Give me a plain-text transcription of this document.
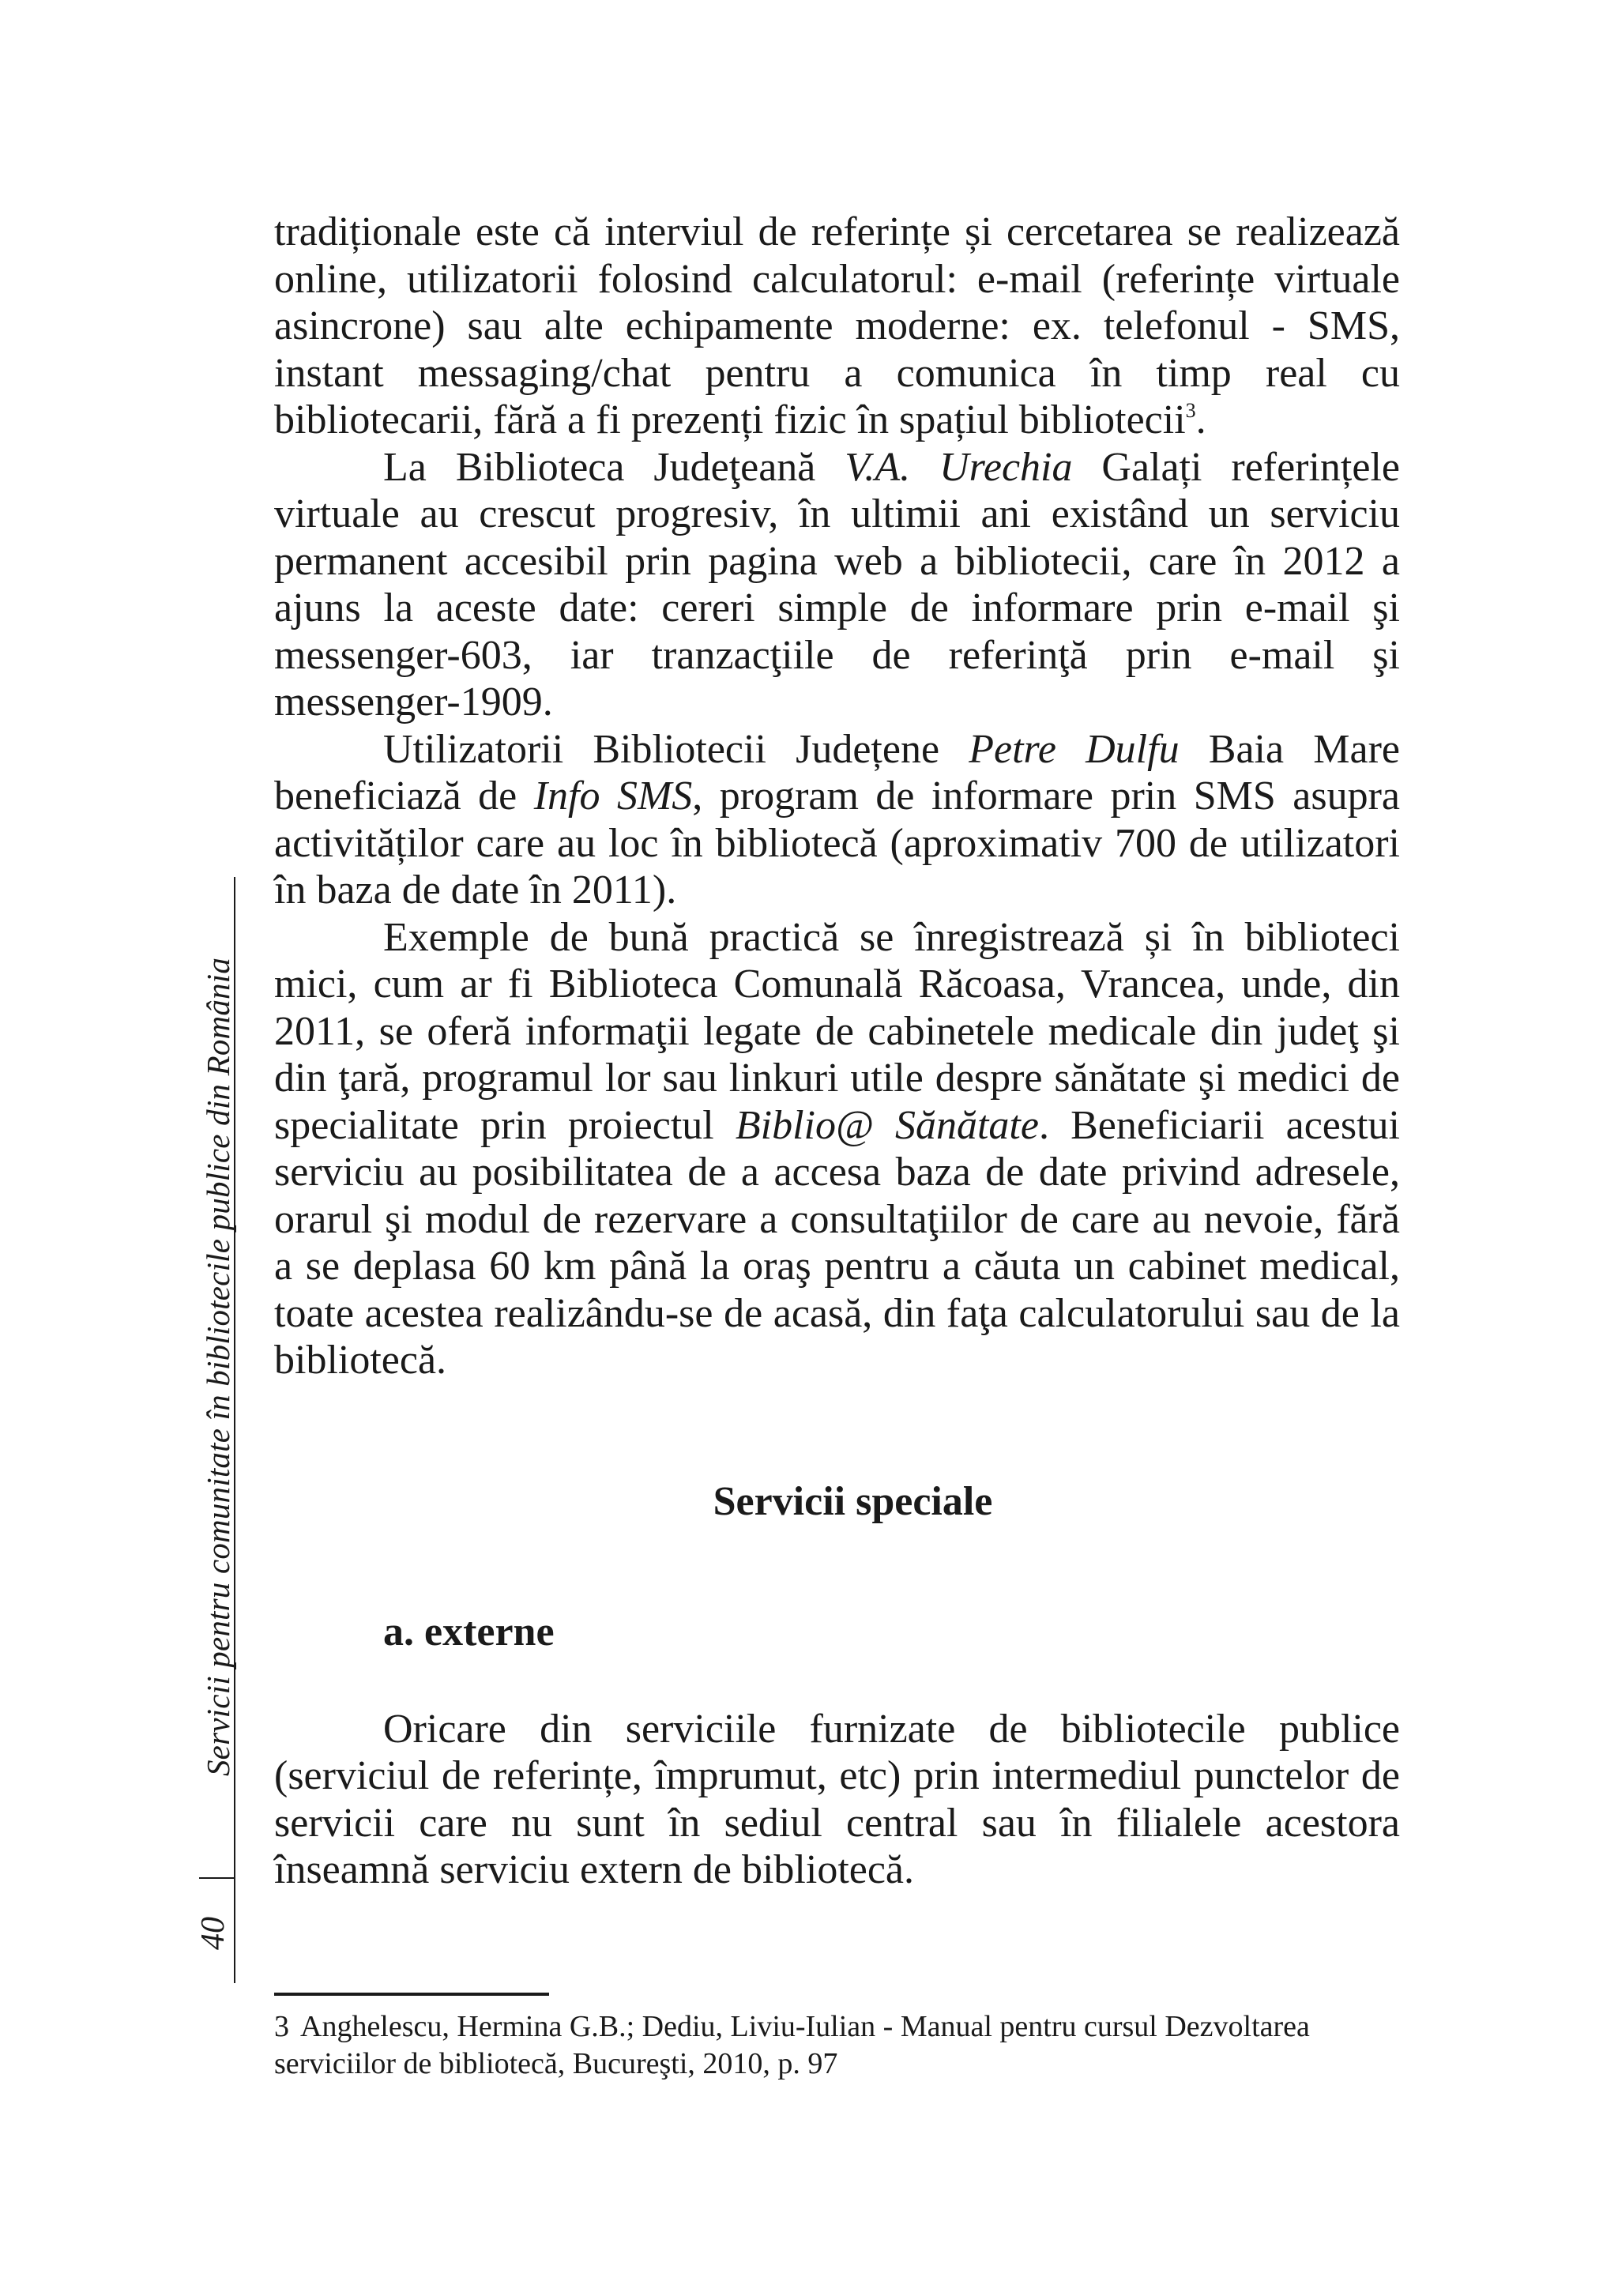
Servicii pentru comunitate în bibliotecile publice din România
40

tradiționale este că interviul de referințe și cercetarea se realizează online, utilizatorii folosind calculatorul: e-mail (referințe virtuale asincrone) sau alte echipamente moderne: ex. telefonul - SMS, instant messaging/chat pentru a comunica în timp real cu bibliotecarii, fără a fi prezenți fizic în spațiul bibliotecii$^3$.

La Biblioteca Judeţeană V.A. Urechia Galați referințele virtuale au crescut progresiv, în ultimii ani existând un serviciu permanent accesibil prin pagina web a bibliotecii, care în 2012 a ajuns la aceste date: cereri simple de informare prin e-mail şi messenger-603, iar tranzacţiile de referinţă prin e-mail şi messenger-1909.

Utilizatorii Bibliotecii Județene Petre Dulfu Baia Mare beneficiază de Info SMS, program de informare prin SMS asupra activităților care au loc în bibliotecă (aproximativ 700 de utilizatori în baza de date în 2011).

Exemple de bună practică se înregistrează și în biblioteci mici, cum ar fi Biblioteca Comunală Răcoasa, Vrancea, unde, din 2011, se oferă informaţii legate de cabinetele medicale din judeţ şi din ţară, programul lor sau linkuri utile despre sănătate şi medici de specialitate prin proiectul Biblio@ Sănătate. Beneficiarii acestui serviciu au posibilitatea de a accesa baza de date privind adresele, orarul şi modul de rezervare a consultaţiilor de care au nevoie, fără a se deplasa 60 km până la oraş pentru a căuta un cabinet medical, toate acestea realizându-se de acasă, din faţa calculatorului sau de la bibliotecă.

Servicii speciale
a. externe

Oricare din serviciile furnizate de bibliotecile publice (serviciul de referințe, împrumut, etc) prin intermediul punctelor de servicii care nu sunt în sediul central sau în filialele acestora înseamnă serviciu extern de bibliotecă.

3 Anghelescu, Hermina G.B.; Dediu, Liviu-Iulian - Manual pentru cursul Dezvoltarea serviciilor de bibliotecă, Bucureşti, 2010, p. 97
